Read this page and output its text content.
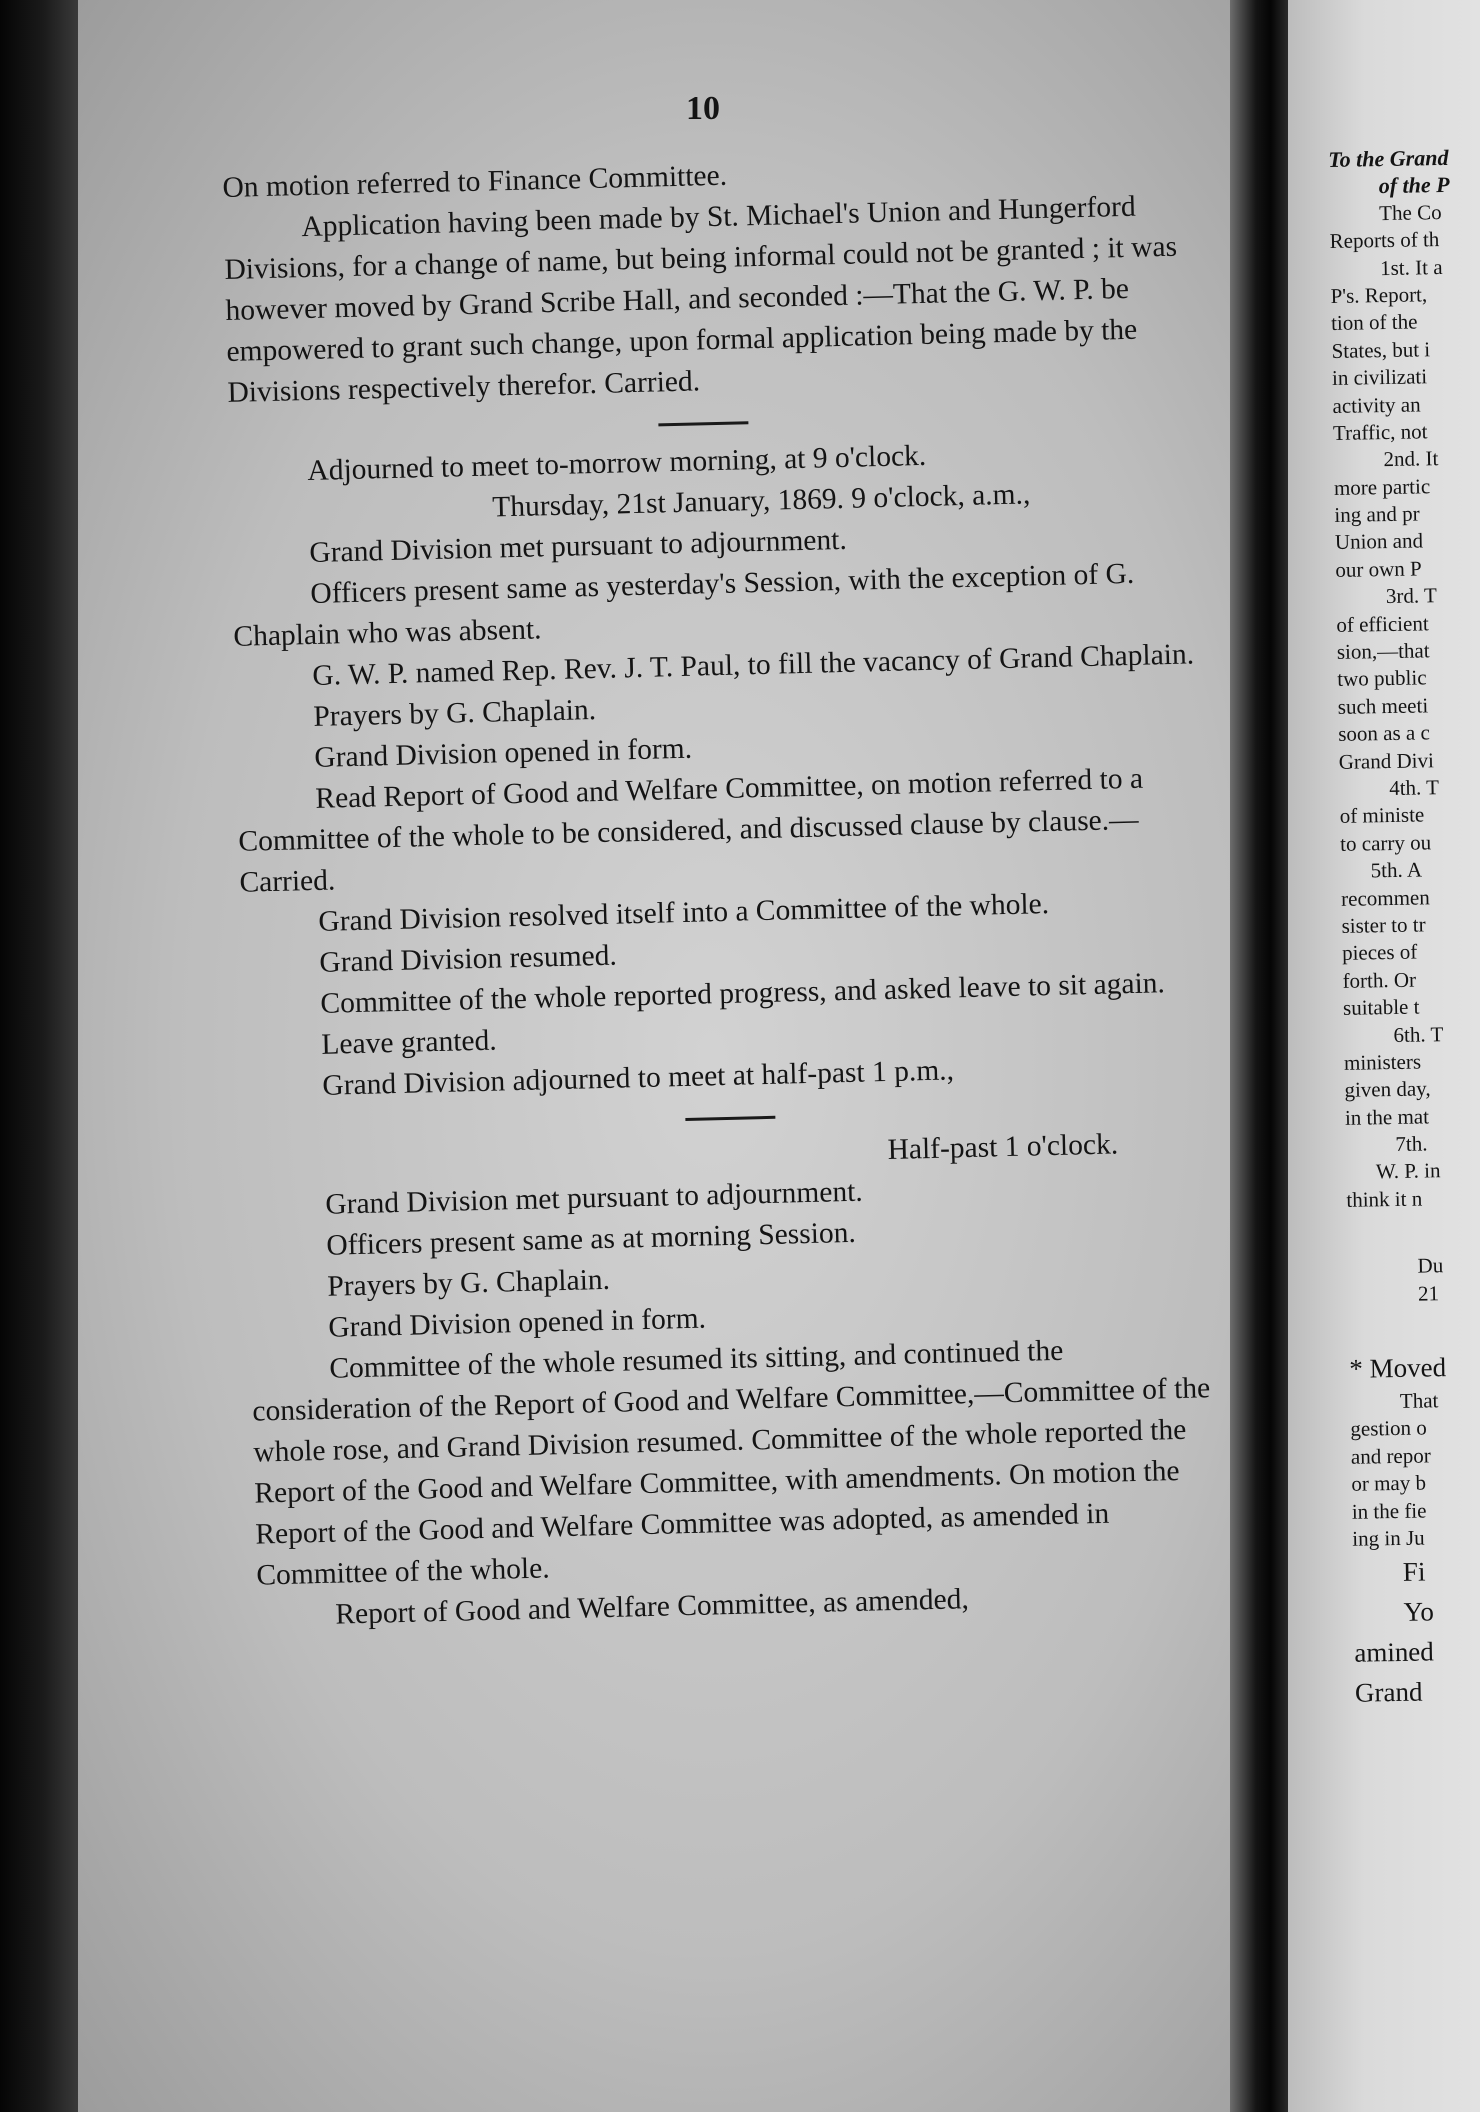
10

On motion referred to Finance Committee.

Application having been made by St. Michael's Union and Hungerford Divisions, for a change of name, but being informal could not be granted ; it was however moved by Grand Scribe Hall, and seconded :—That the G. W. P. be empowered to grant such change, upon formal application being made by the Divisions respectively therefor. Carried.

Adjourned to meet to-morrow morning, at 9 o'clock.

Thursday, 21st January, 1869. 9 o'clock, a.m.,

Grand Division met pursuant to adjournment.

Officers present same as yesterday's Session, with the exception of G. Chaplain who was absent.

G. W. P. named Rep. Rev. J. T. Paul, to fill the vacancy of Grand Chaplain.

Prayers by G. Chaplain.

Grand Division opened in form.

Read Report of Good and Welfare Committee, on motion referred to a Committee of the whole to be considered, and discussed clause by clause.—Carried.

Grand Division resolved itself into a Committee of the whole.

Grand Division resumed.

Committee of the whole reported progress, and asked leave to sit again.

Leave granted.

Grand Division adjourned to meet at half-past 1 p.m.,

Half-past 1 o'clock.

Grand Division met pursuant to adjournment.

Officers present same as at morning Session.

Prayers by G. Chaplain.

Grand Division opened in form.

Committee of the whole resumed its sitting, and continued the consideration of the Report of Good and Welfare Committee,—Committee of the whole rose, and Grand Division resumed. Committee of the whole reported the Report of the Good and Welfare Committee, with amendments. On motion the Report of the Good and Welfare Committee was adopted, as amended in Committee of the whole.

Report of Good and Welfare Committee, as amended,

To the Grand
of the P
The Co
Reports of th
1st. It a
P's. Report,
tion of the
States, but i
in civilizati
activity an
Traffic, not
2nd. It
more partic
ing and pr
Union and
our own P
3rd. T
of efficient
sion,—that
two public
such meeti
soon as a c
Grand Divi
4th. T
of ministe
to carry ou
5th. A
recommen
sister to tr
pieces of
forth. Or
suitable t
6th. T
ministers
given day,
in the mat
7th.
W. P. in
think it n
Du
21
* Moved
That
gestion o
and repor
or may b
in the fie
ing in Ju
Fi
Yo
amined
Grand
